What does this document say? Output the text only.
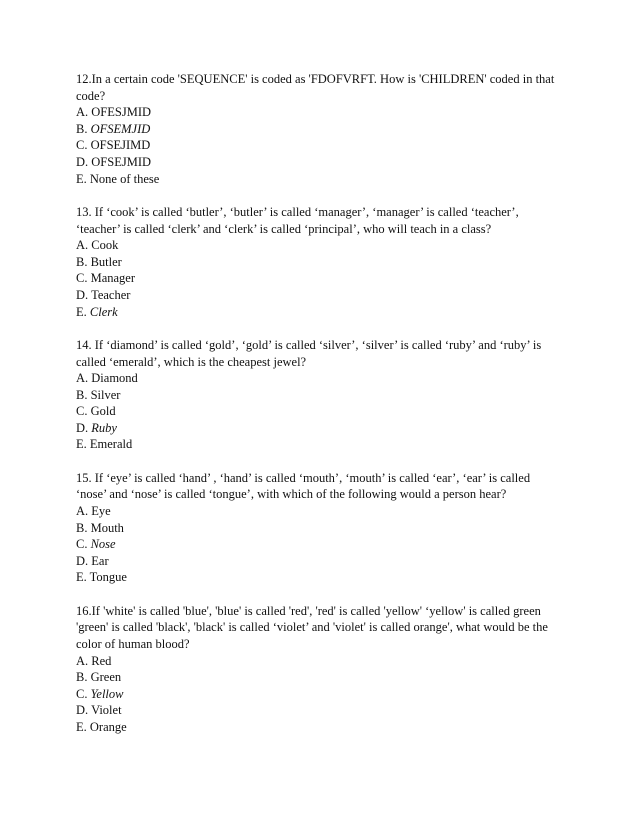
12.In a certain code 'SEQUENCE' is coded as 'FDOFVRFT. How is 'CHILDREN' coded in that

code?

A. OFESJMID

B. OFSEMJID

C. OFSEJIMD

D. OFSEJMID

E. None of these

13. If ‘cook’ is called ‘butler’, ‘butler’ is called ‘manager’, ‘manager’ is called ‘teacher’,

‘teacher’ is called ‘clerk’ and ‘clerk’ is called ‘principal’, who will teach in a class?

A. Cook

B. Butler

C. Manager

D. Teacher

E. Clerk

14. If ‘diamond’ is called ‘gold’, ‘gold’ is called ‘silver’, ‘silver’ is called ‘ruby’ and ‘ruby’ is

called ‘emerald’, which is the cheapest jewel?

A. Diamond

B. Silver

C. Gold

D. Ruby

E. Emerald

15. If ‘eye’ is called ‘hand’ , ‘hand’ is called ‘mouth’, ‘mouth’ is called ‘ear’, ‘ear’ is called

‘nose’ and ‘nose’ is called ‘tongue’, with which of the following would a person hear?

A. Eye

B. Mouth

C. Nose

D. Ear

E. Tongue

16.If 'white' is called 'blue', 'blue' is called 'red', 'red' is called 'yellow' ‘yellow' is called green

'green' is called 'black', 'black' is called ‘violet’ and 'violet' is called orange', what would be the

color of human blood?

A. Red

B. Green

C. Yellow

D. Violet

E. Orange
